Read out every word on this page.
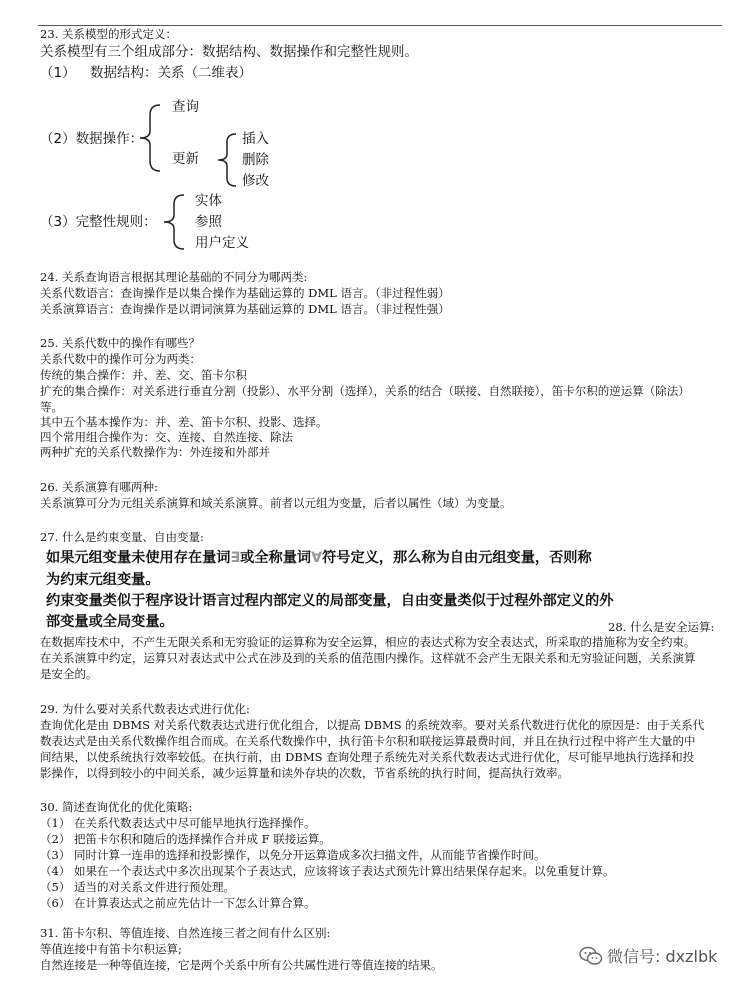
23. 关系模型的形式定义：
关系模型有三个组成部分：数据结构、数据操作和完整性规则。
（1） 数据结构：关系（二维表）
（2）数据操作：
查询
更新
插入
删除
修改
（3）完整性规则：
实体
参照
用户定义
24. 关系查询语言根据其理论基础的不同分为哪两类:
关系代数语言：查询操作是以集合操作为基础运算的 DML 语言。（非过程性弱）
关系演算语言：查询操作是以谓词演算为基础运算的 DML 语言。（非过程性强）
25. 关系代数中的操作有哪些？
关系代数中的操作可分为两类：
传统的集合操作：并、差、交、笛卡尔积
扩充的集合操作：对关系进行垂直分割（投影）、水平分割（选择），关系的结合（联接、自然联接），笛卡尔积的逆运算（除法）
等。
其中五个基本操作为：并、差、笛卡尔积、投影、选择。
四个常用组合操作为：交、连接、自然连接、除法
两种扩充的关系代数操作为：外连接和外部并
26. 关系演算有哪两种:
关系演算可分为元组关系演算和域关系演算。前者以元组为变量，后者以属性（域）为变量。
27. 什么是约束变量、自由变量:
如果元组变量未使用存在量词∃或全称量词∀符号定义，那么称为自由元组变量，否则称
为约束元组变量。
约束变量类似于程序设计语言过程内部定义的局部变量，自由变量类似于过程外部定义的外
部变量或全局变量。	28. 什么是安全运算:
在数据库技术中，不产生无限关系和无穷验证的运算称为安全运算，相应的表达式称为安全表达式，所采取的措施称为安全约束。
在关系演算中约定，运算只对表达式中公式在涉及到的关系的值范围内操作。这样就不会产生无限关系和无穷验证问题，关系演算
是安全的。
29. 为什么要对关系代数表达式进行优化:
查询优化是由 DBMS 对关系代数表达式进行优化组合，以提高 DBMS 的系统效率。要对关系代数进行优化的原因是：由于关系代
数表达式是由关系代数操作组合而成。在关系代数操作中，执行笛卡尔积和联接运算最费时间，并且在执行过程中将产生大量的中
间结果，以使系统执行效率较低。在执行前，由 DBMS 查询处理子系统先对关系代数表达式进行优化，尽可能早地执行选择和投
影操作，以得到较小的中间关系，减少运算量和读外存块的次数，节省系统的执行时间，提高执行效率。
30. 简述查询优化的优化策略:
（1） 在关系代数表达式中尽可能早地执行选择操作。
（2） 把笛卡尔积和随后的选择操作合并成 F 联接运算。
（3） 同时计算一连串的选择和投影操作，以免分开运算造成多次扫描文件，从而能节省操作时间。
（4） 如果在一个表达式中多次出现某个子表达式，应该将该子表达式预先计算出结果保存起来。以免重复计算。
（5） 适当的对关系文件进行预处理。
（6） 在计算表达式之前应先估计一下怎么计算合算。
31. 笛卡尔积、等值连接、自然连接三者之间有什么区别:
等值连接中有笛卡尔积运算;
自然连接是一种等值连接，它是两个关系中所有公共属性进行等值连接的结果。	微信号: dxzlbk
